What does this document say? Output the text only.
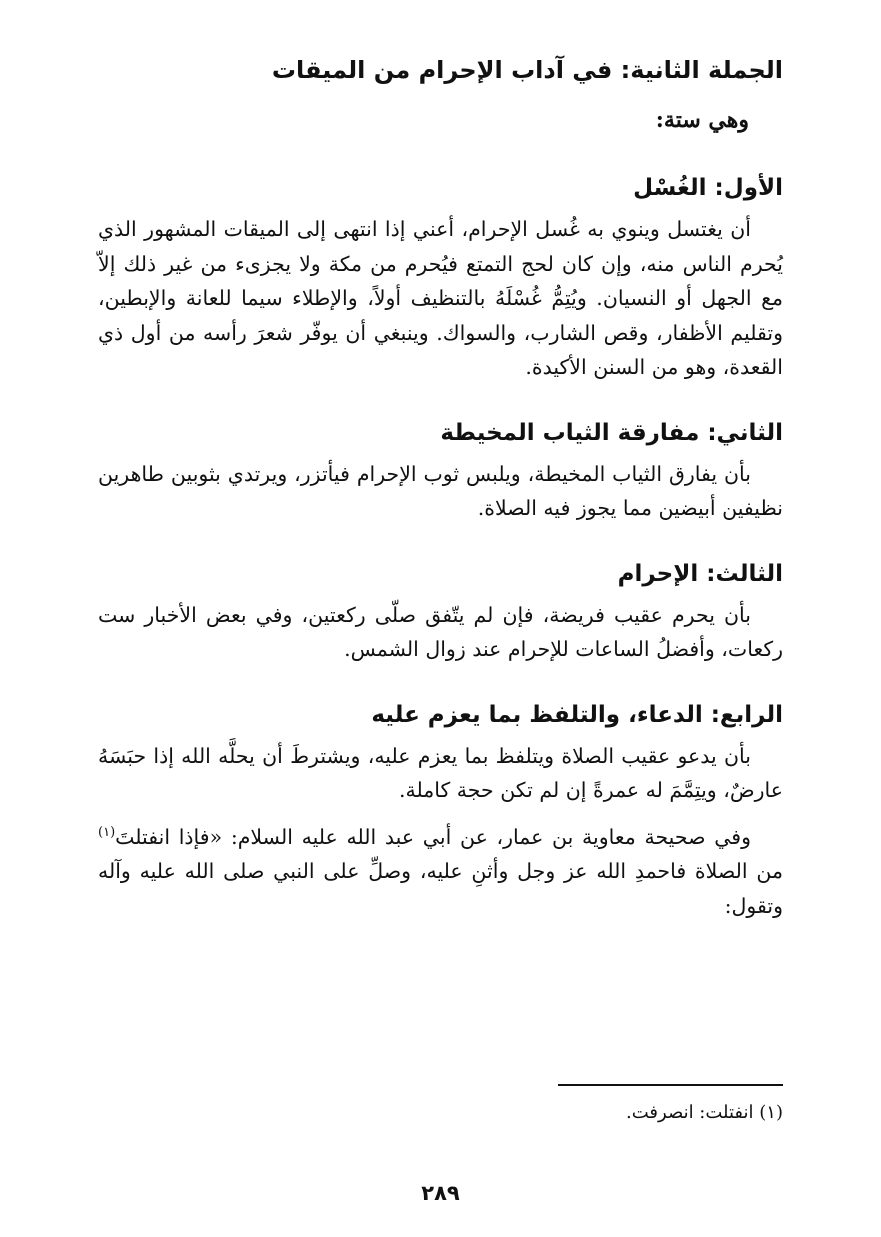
الجملة الثانية: في آداب الإحرام من الميقات

وهي ستة:

الأول: الغُسْل

أن يغتسل وينوي به غُسل الإحرام، أعني إذا انتهى إلى الميقات المشهور الذي يُحرم الناس منه، وإن كان لحج التمتع فيُحرم من مكة ولا يجزىء من غير ذلك إلاّ مع الجهل أو النسيان. ويُتِمُّ غُسْلَهُ بالتنظيف أولاً، والإطلاء سيما للعانة والإبطين، وتقليم الأظفار، وقص الشارب، والسواك. وينبغي أن يوفّر شعرَ رأسه من أول ذي القعدة، وهو من السنن الأكيدة.

الثاني: مفارقة الثياب المخيطة

بأن يفارق الثياب المخيطة، ويلبس ثوب الإحرام فيأتزر، ويرتدي بثوبين طاهرين نظيفين أبيضين مما يجوز فيه الصلاة.

الثالث: الإحرام

بأن يحرم عقيب فريضة، فإن لم يتّفق صلّى ركعتين، وفي بعض الأخبار ست ركعات، وأفضلُ الساعات للإحرام عند زوال الشمس.

الرابع: الدعاء، والتلفظ بما يعزم عليه

بأن يدعو عقيب الصلاة ويتلفظ بما يعزم عليه، ويشترطَ أن يحلَّه الله إذا حبَسَهُ عارضٌ، ويتِمَّمَ له عمرةً إن لم تكن حجة كاملة.

وفي صحيحة معاوية بن عمار، عن أبي عبد الله عليه السلام: «فإذا انفتلتَ$^{(١)}$ من الصلاة فاحمدِ الله عز وجل وأثنِ عليه، وصلِّ على النبي صلى الله عليه وآله وتقول:

(١) انفتلت: انصرفت.

٢٨٩
